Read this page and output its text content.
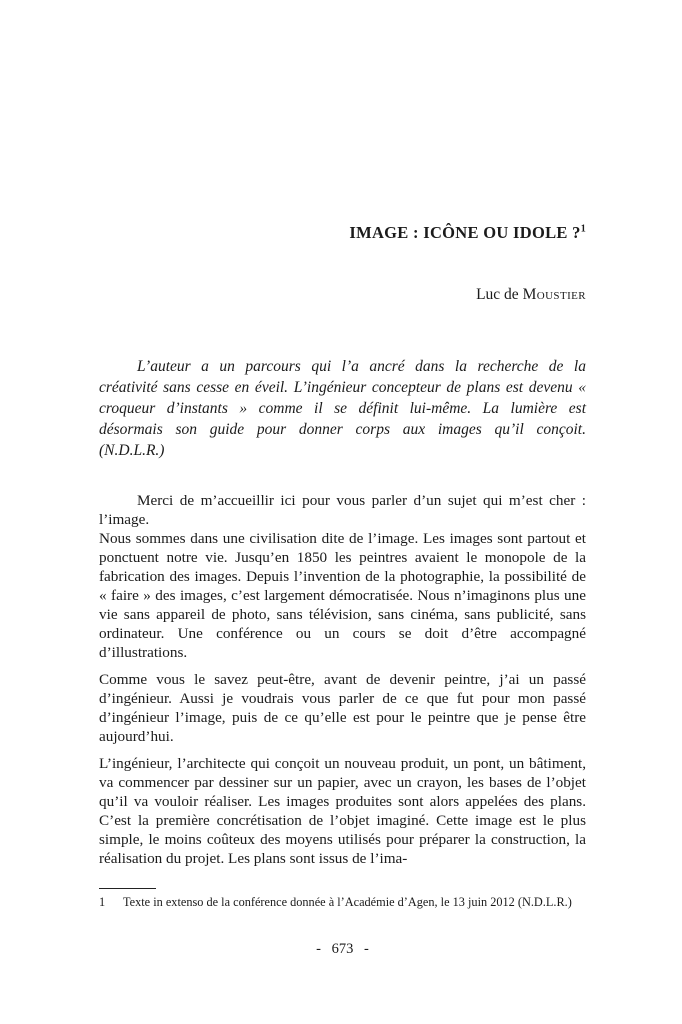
IMAGE : ICÔNE OU IDOLE ?$^1$
Luc de Moustier

L’auteur a un parcours qui l’a ancré dans la recherche de la créativité sans cesse en éveil. L’ingénieur concepteur de plans est devenu « croqueur d’instants » comme il se définit lui-même. La lumière est désormais son guide pour donner corps aux images qu’il conçoit. (N.D.L.R.)

Merci de m’accueillir ici pour vous parler d’un sujet qui m’est cher : l’image.

Nous sommes dans une civilisation dite de l’image. Les images sont partout et ponctuent notre vie. Jusqu’en 1850 les peintres avaient le monopole de la fabrication des images. Depuis l’invention de la photographie, la possibilité de « faire » des images, c’est largement démocratisée. Nous n’imaginons plus une vie sans appareil de photo, sans télévision, sans cinéma, sans publicité, sans ordinateur. Une conférence ou un cours se doit d’être accompagné d’illustrations.

Comme vous le savez peut-être, avant de devenir peintre, j’ai un passé d’ingénieur. Aussi je voudrais vous parler de ce que fut pour mon passé d’ingénieur l’image, puis de ce qu’elle est pour le peintre que je pense être aujourd’hui.

L’ingénieur, l’architecte qui conçoit un nouveau produit, un pont, un bâtiment, va commencer par dessiner sur un papier, avec un crayon, les bases de l’objet qu’il va vouloir réaliser. Les images produites sont alors appelées des plans. C’est la première concrétisation de l’objet imaginé. Cette image est le plus simple, le moins coûteux des moyens utilisés pour préparer la construction, la réalisation du projet. Les plans sont issus de l’ima-

1 Texte in extenso de la conférence donnée à l’Académie d’Agen, le 13 juin 2012 (N.D.L.R.)
- 673 -
